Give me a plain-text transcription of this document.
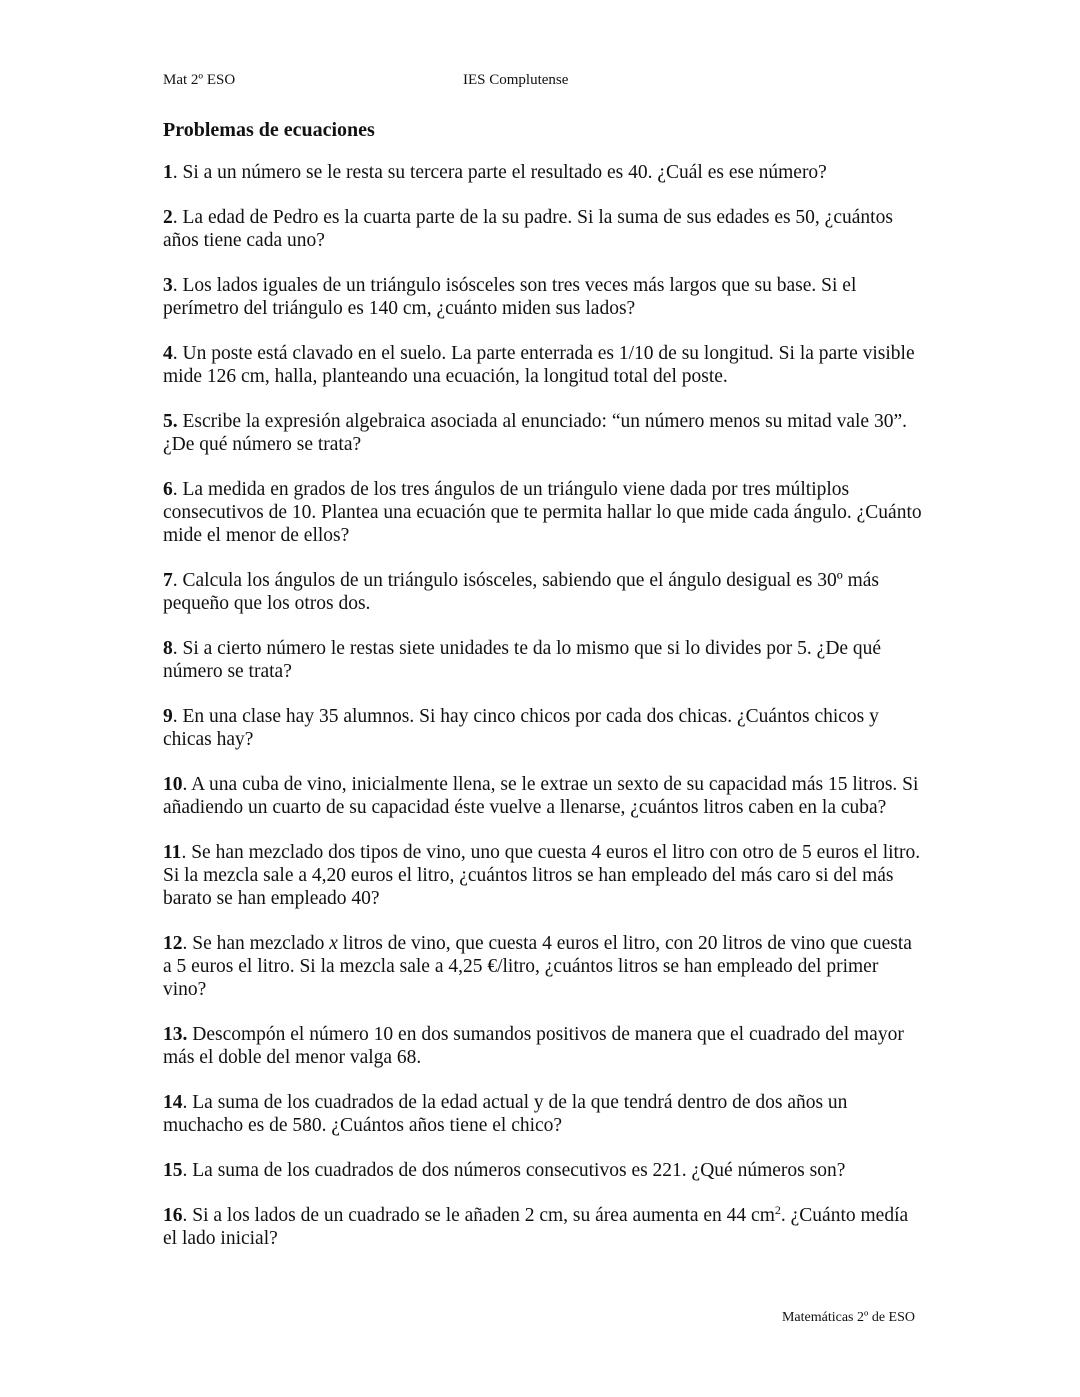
Mat 2º ESO	IES Complutense
Problemas de ecuaciones
1. Si a un número se le resta su tercera parte el resultado es 40. ¿Cuál es ese número?
2. La edad de Pedro es la cuarta parte de la su padre. Si la suma de sus edades es 50, ¿cuántos años tiene cada uno?
3. Los lados iguales de un triángulo isósceles son tres veces más largos que su base. Si el perímetro del triángulo es 140 cm, ¿cuánto miden sus lados?
4. Un poste está clavado en el suelo. La parte enterrada es 1/10 de su longitud. Si la parte visible mide 126 cm, halla, planteando una ecuación, la longitud total del poste.
5. Escribe la expresión algebraica asociada al enunciado: “un número menos su mitad vale 30”. ¿De qué número se trata?
6. La medida en grados de los tres ángulos de un triángulo viene dada por tres múltiplos consecutivos de 10. Plantea una ecuación que te permita hallar lo que mide cada ángulo. ¿Cuánto mide el menor de ellos?
7. Calcula los ángulos de un triángulo isósceles, sabiendo que el ángulo desigual es 30º más pequeño que los otros dos.
8. Si a cierto número le restas siete unidades te da lo mismo que si lo divides por 5. ¿De qué número se trata?
9. En una clase hay 35 alumnos. Si hay cinco chicos por cada dos chicas. ¿Cuántos chicos y chicas hay?
10. A una cuba de vino, inicialmente llena, se le extrae un sexto de su capacidad más 15 litros. Si añadiendo un cuarto de su capacidad éste vuelve a llenarse, ¿cuántos litros caben en la cuba?
11. Se han mezclado dos tipos de vino, uno que cuesta 4 euros el litro con otro de 5 euros el litro. Si la mezcla sale a 4,20 euros el litro, ¿cuántos litros se han empleado del más caro si del más barato se han empleado 40?
12. Se han mezclado x litros de vino, que cuesta 4 euros el litro, con 20 litros de vino que cuesta a 5 euros el litro. Si la mezcla sale a 4,25 €/litro, ¿cuántos litros se han empleado del primer vino?
13. Descompón el número 10 en dos sumandos positivos de manera que el cuadrado del mayor más el doble del menor valga 68.
14. La suma de los cuadrados de la edad actual y de la que tendrá dentro de dos años un muchacho es de 580. ¿Cuántos años tiene el chico?
15. La suma de los cuadrados de dos números consecutivos es 221. ¿Qué números son?
16. Si a los lados de un cuadrado se le añaden 2 cm, su área aumenta en 44 $cm^2$. ¿Cuánto medía el lado inicial?
Matemáticas 2º de ESO
